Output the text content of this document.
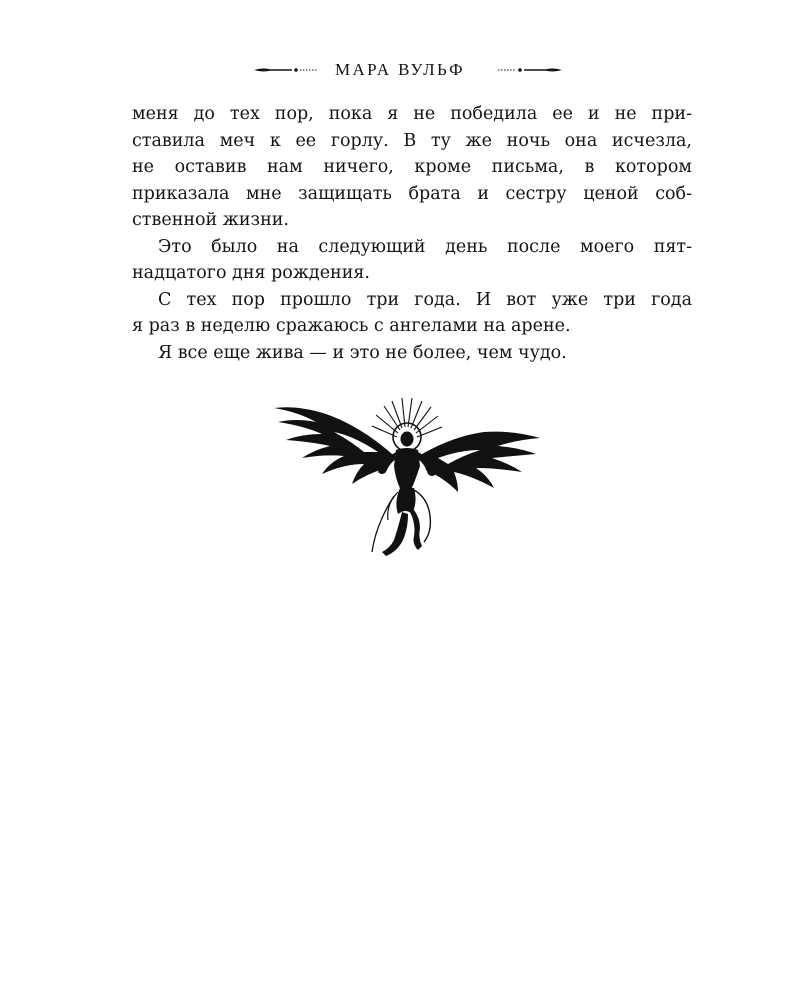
МАРА ВУЛЬФ
меня до тех пор, пока я не победила ее и не при-
ставила меч к ее горлу. В ту же ночь она исчезла,
не оставив нам ничего, кроме письма, в котором
приказала мне защищать брата и сестру ценой соб-
ственной жизни.
Это было на следующий день после моего пят-
надцатого дня рождения.
С тех пор прошло три года. И вот уже три года
я раз в неделю сражаюсь с ангелами на арене.
Я все еще жива — и это не более, чем чудо.
